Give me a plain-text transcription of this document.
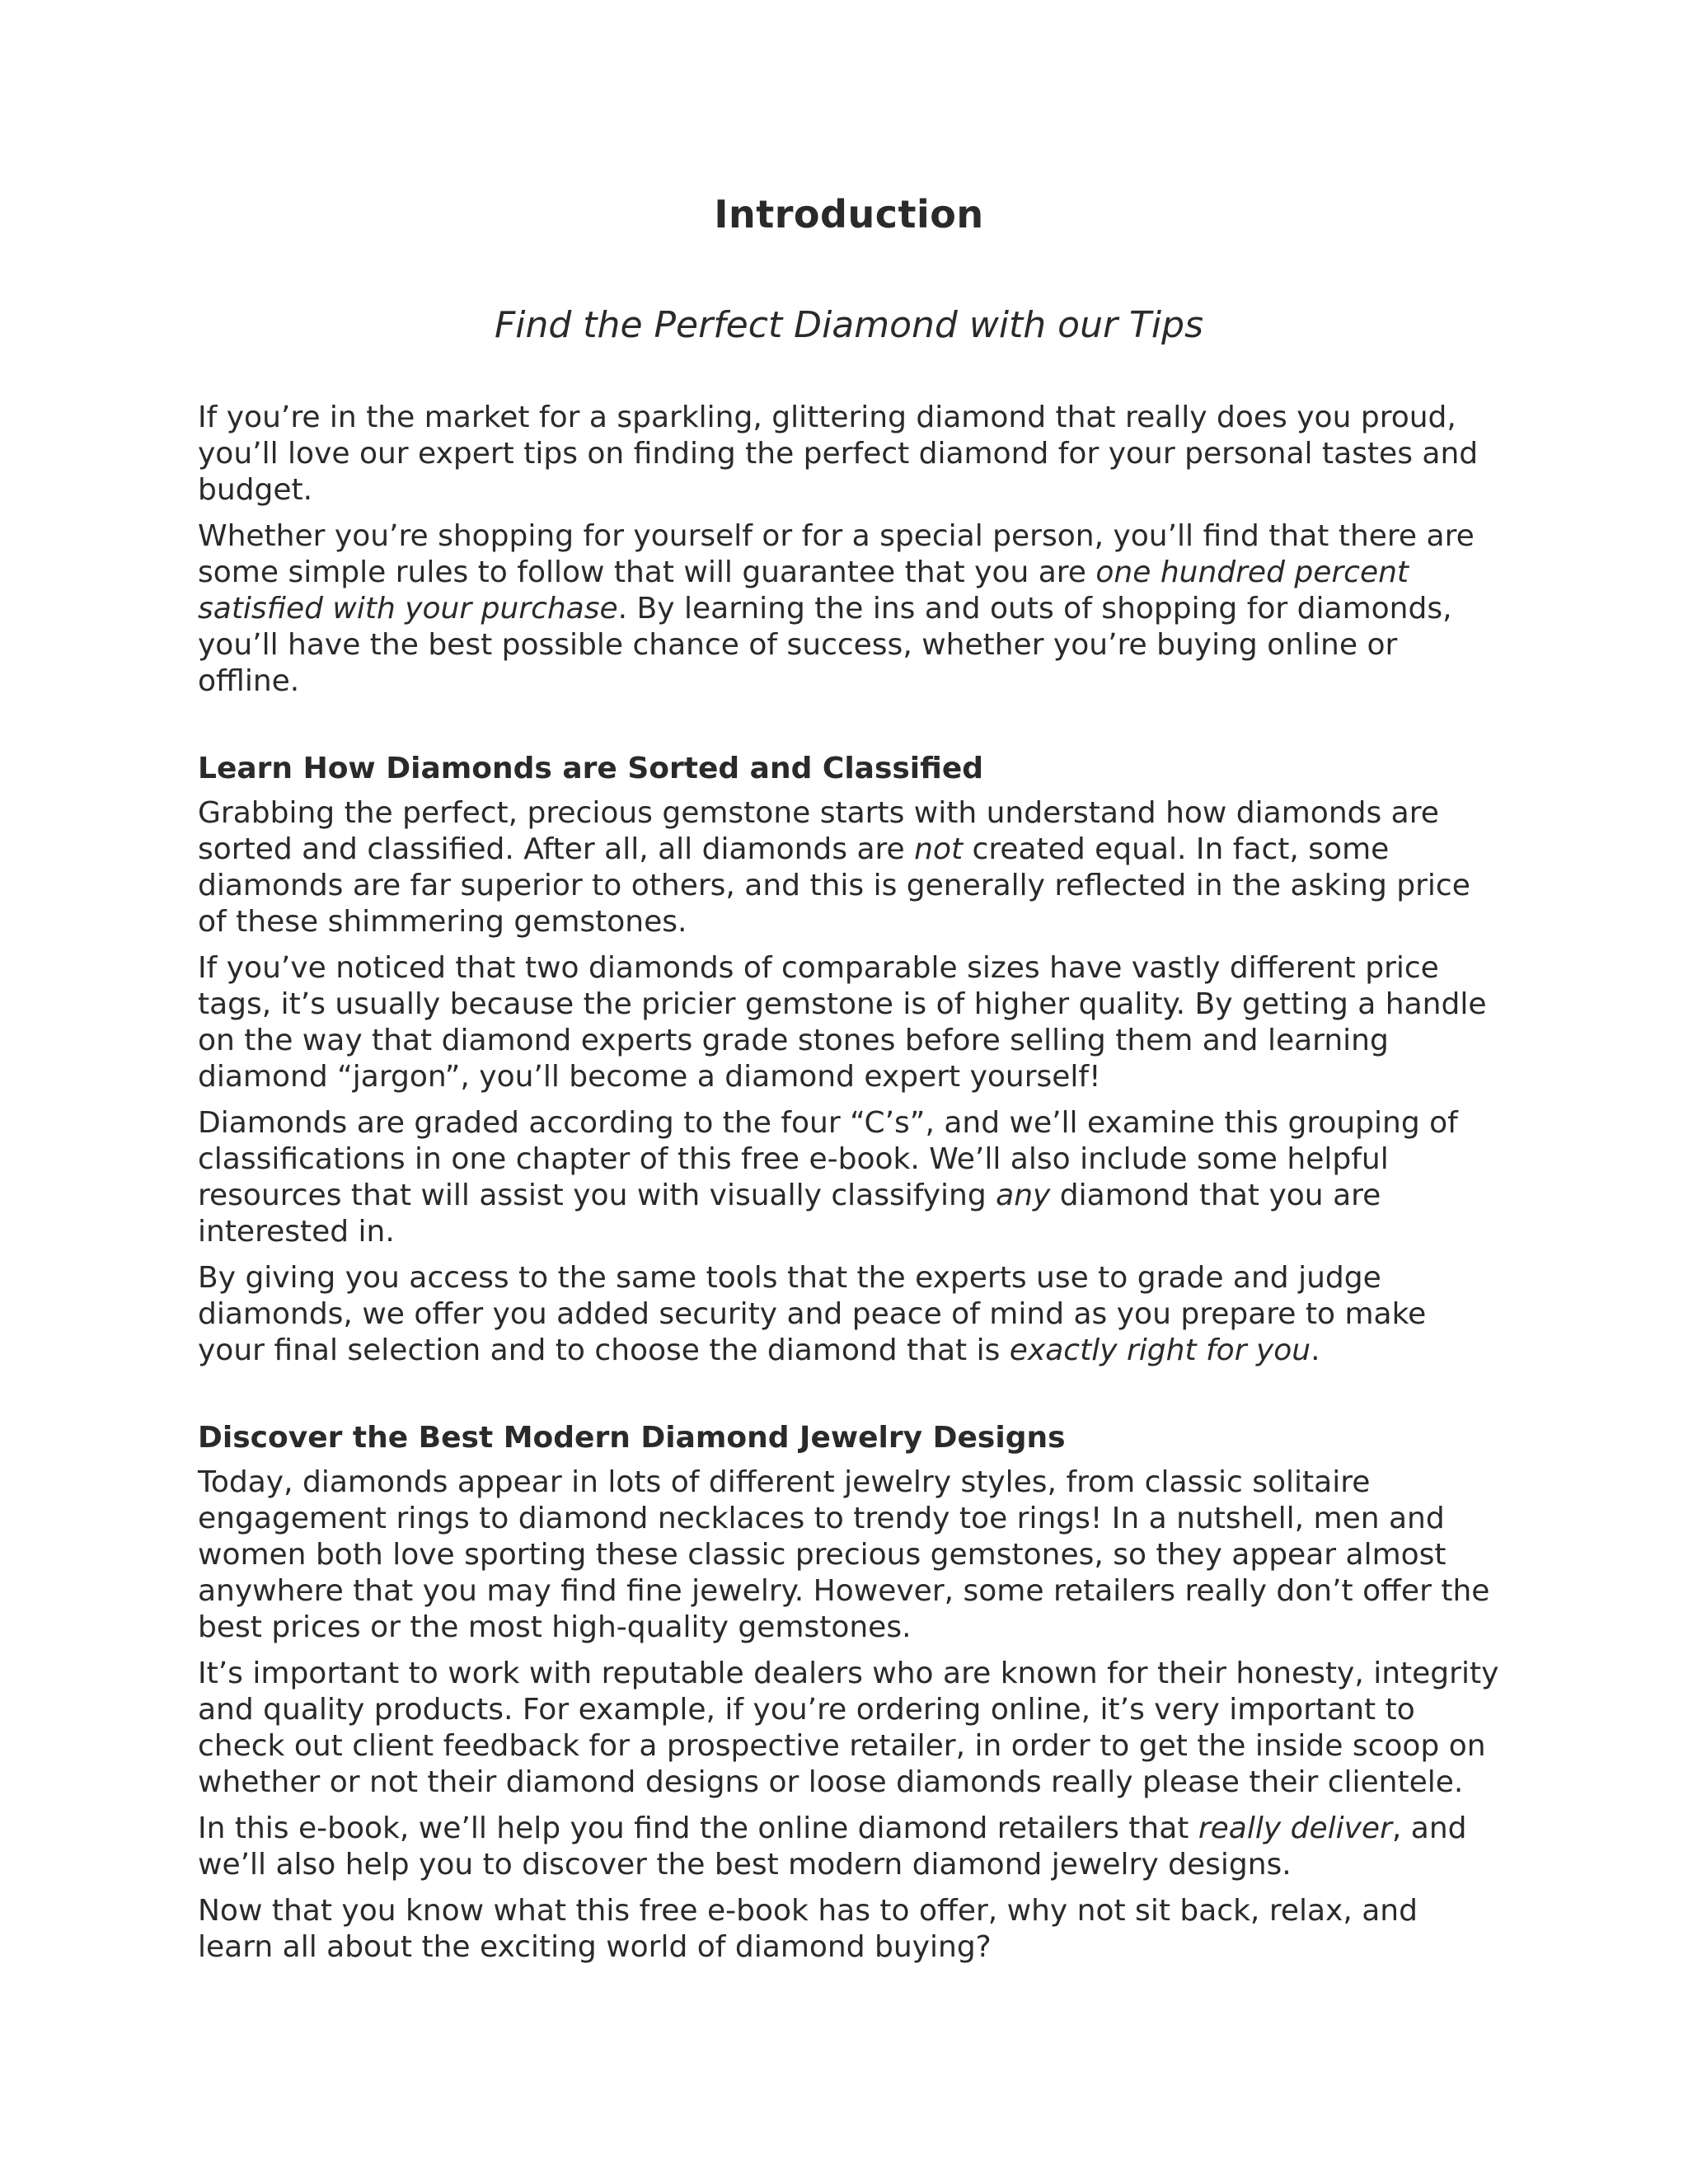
Introduction
Find the Perfect Diamond with our Tips

If you’re in the market for a sparkling, glittering diamond that really does you proud, you’ll love our expert tips on finding the perfect diamond for your personal tastes and budget.

Whether you’re shopping for yourself or for a special person, you’ll find that there are some simple rules to follow that will guarantee that you are one hundred percent satisfied with your purchase. By learning the ins and outs of shopping for diamonds, you’ll have the best possible chance of success, whether you’re buying online or offline.

Learn How Diamonds are Sorted and Classified

Grabbing the perfect, precious gemstone starts with understand how diamonds are sorted and classified. After all, all diamonds are not created equal. In fact, some diamonds are far superior to others, and this is generally reflected in the asking price of these shimmering gemstones.

If you’ve noticed that two diamonds of comparable sizes have vastly different price tags, it’s usually because the pricier gemstone is of higher quality. By getting a handle on the way that diamond experts grade stones before selling them and learning diamond “jargon”, you’ll become a diamond expert yourself!

Diamonds are graded according to the four “C’s”, and we’ll examine this grouping of classifications in one chapter of this free e-book. We’ll also include some helpful resources that will assist you with visually classifying any diamond that you are interested in.

By giving you access to the same tools that the experts use to grade and judge diamonds, we offer you added security and peace of mind as you prepare to make your final selection and to choose the diamond that is exactly right for you.

Discover the Best Modern Diamond Jewelry Designs

Today, diamonds appear in lots of different jewelry styles, from classic solitaire engagement rings to diamond necklaces to trendy toe rings! In a nutshell, men and women both love sporting these classic precious gemstones, so they appear almost anywhere that you may find fine jewelry. However, some retailers really don’t offer the best prices or the most high-quality gemstones.

It’s important to work with reputable dealers who are known for their honesty, integrity and quality products. For example, if you’re ordering online, it’s very important to check out client feedback for a prospective retailer, in order to get the inside scoop on whether or not their diamond designs or loose diamonds really please their clientele.

In this e-book, we’ll help you find the online diamond retailers that really deliver, and we’ll also help you to discover the best modern diamond jewelry designs.

Now that you know what this free e-book has to offer, why not sit back, relax, and learn all about the exciting world of diamond buying?
